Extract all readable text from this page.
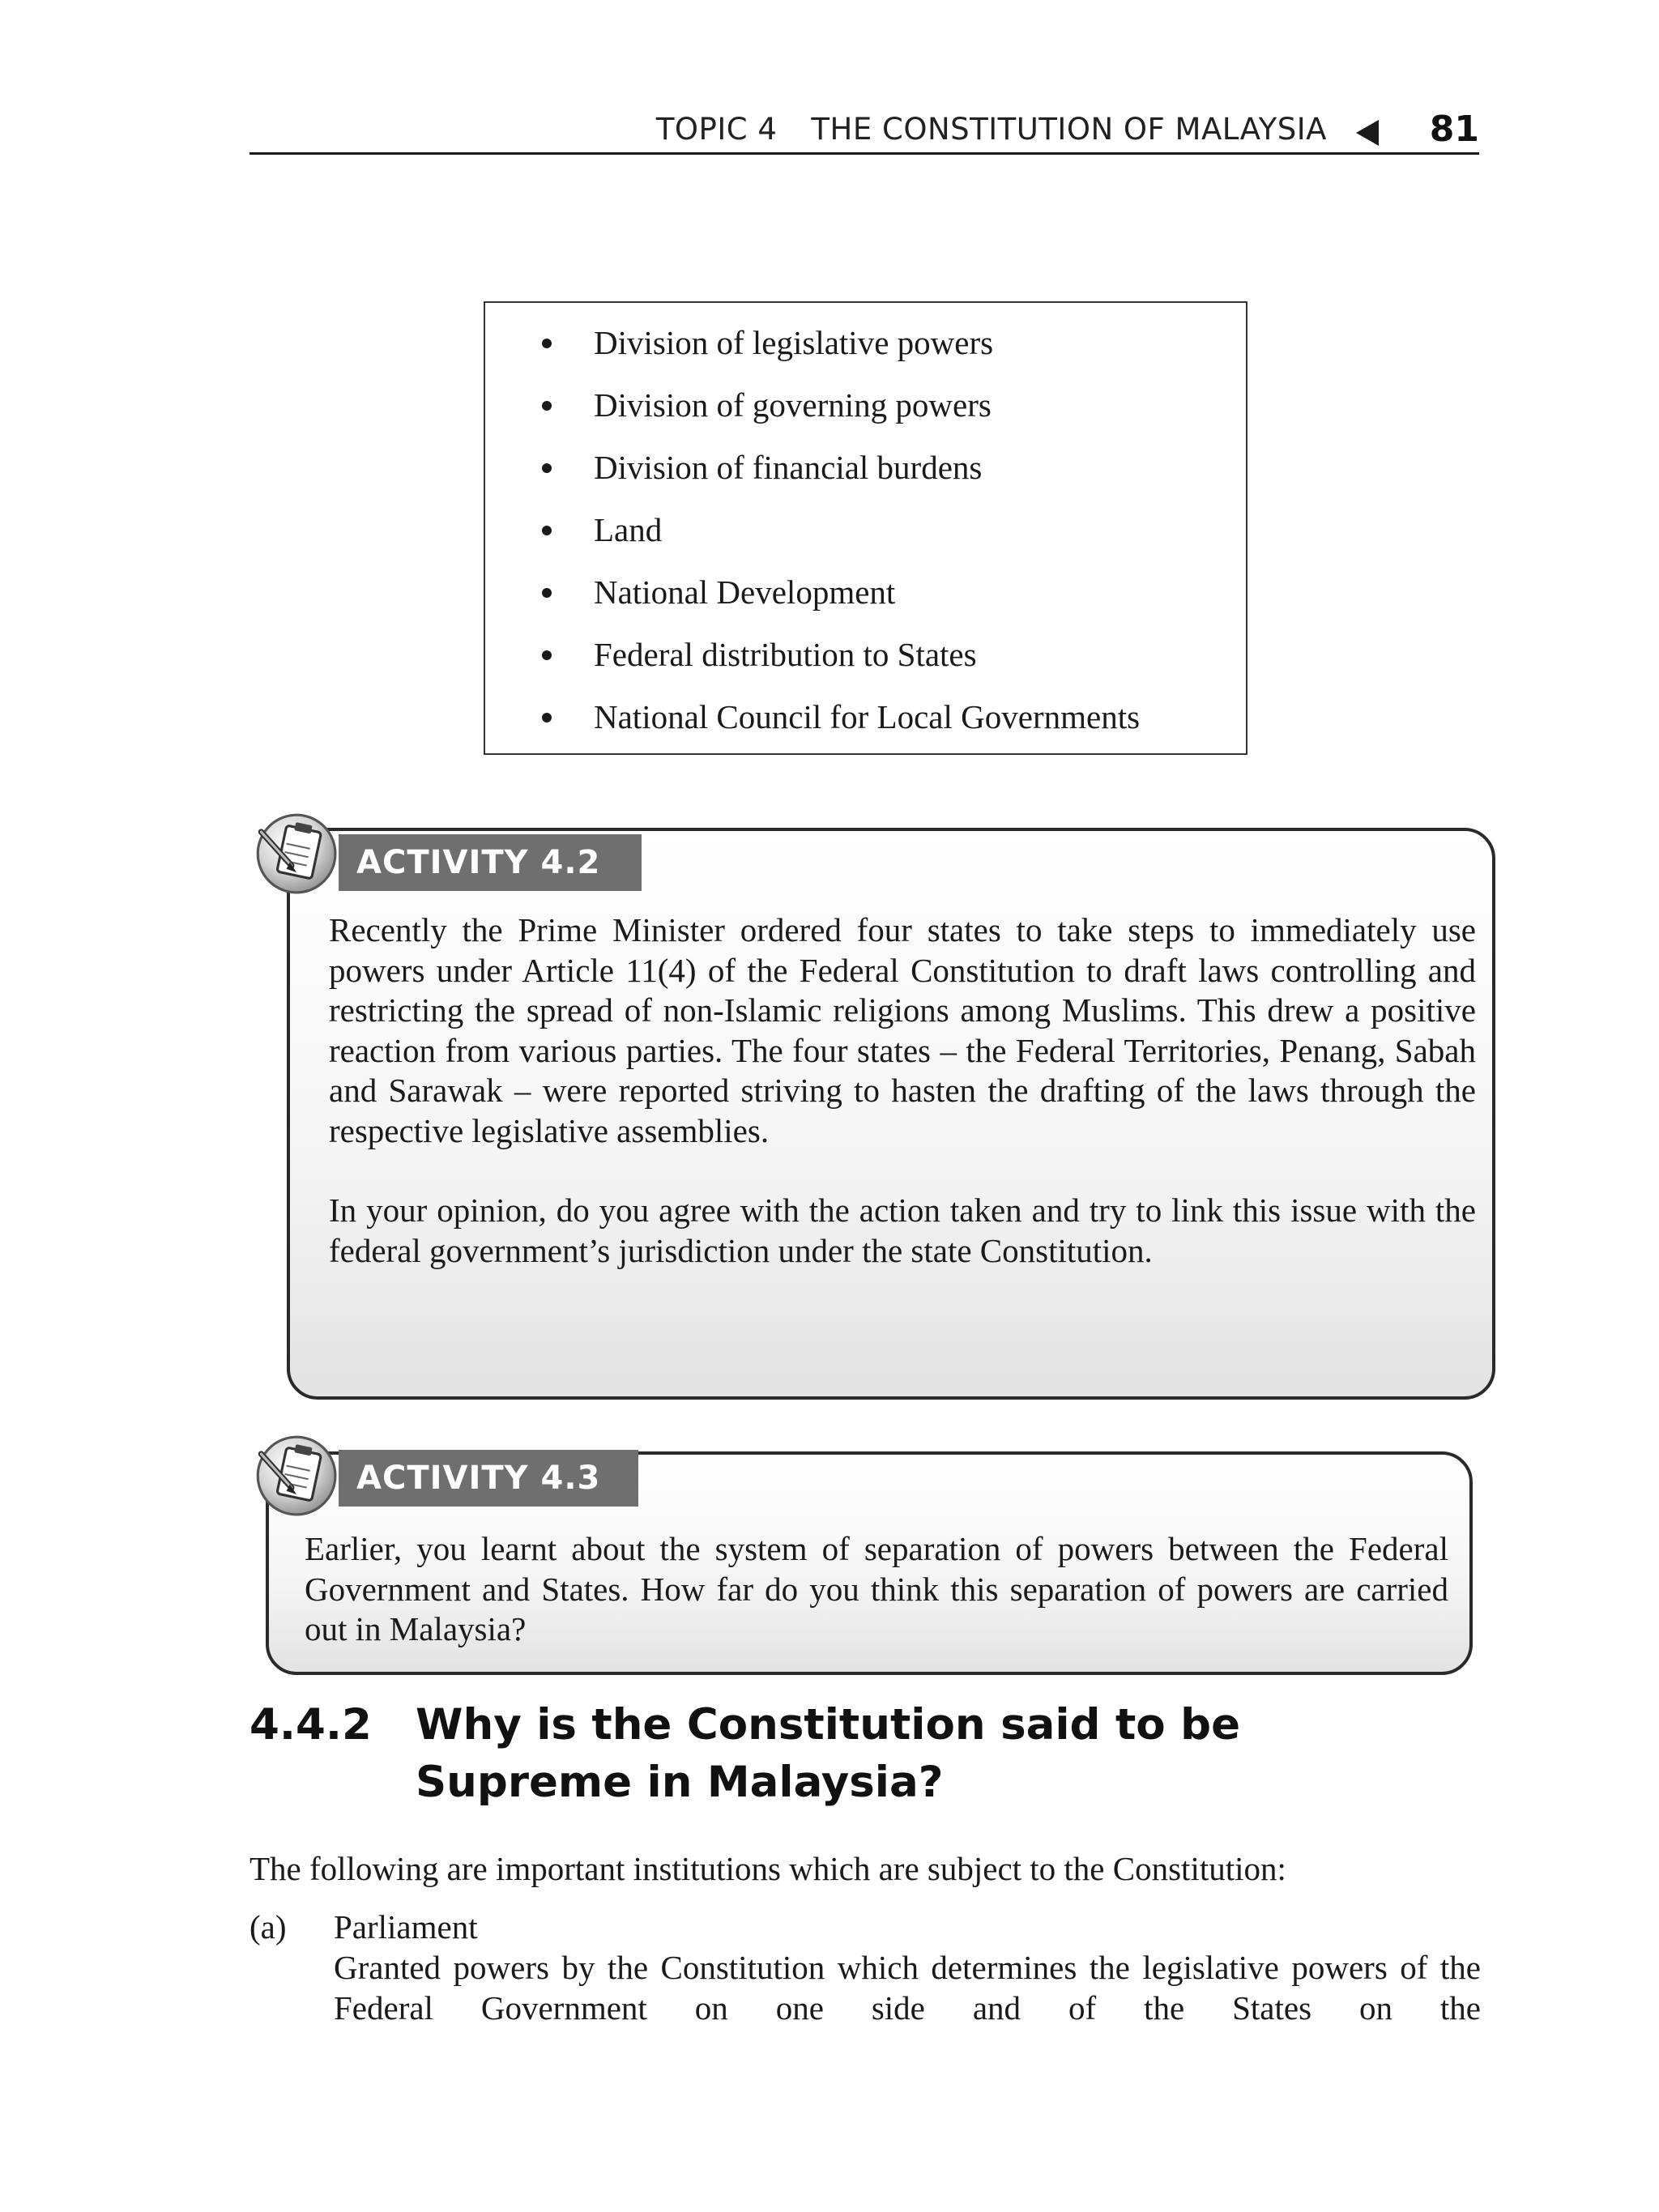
TOPIC 4 THE CONSTITUTION OF MALAYSIA	81
Division of legislative powers
Division of governing powers
Division of financial burdens
Land
National Development
Federal distribution to States
National Council for Local Governments
ACTIVITY 4.2

Recently the Prime Minister ordered four states to take steps to immediately use powers under Article 11(4) of the Federal Constitution to draft laws controlling and restricting the spread of non-Islamic religions among Muslims. This drew a positive reaction from various parties. The four states – the Federal Territories, Penang, Sabah and Sarawak – were reported striving to hasten the drafting of the laws through the respective legislative assemblies.

In your opinion, do you agree with the action taken and try to link this issue with the federal government’s jurisdiction under the state Constitution.

ACTIVITY 4.3

Earlier, you learnt about the system of separation of powers between the Federal Government and States. How far do you think this separation of powers are carried out in Malaysia?

4.4.2 Why is the Constitution said to be Supreme in Malaysia?
The following are important institutions which are subject to the Constitution:
(a) Parliament
Granted powers by the Constitution which determines the legislative powers of the Federal Government on one side and of the States on the
